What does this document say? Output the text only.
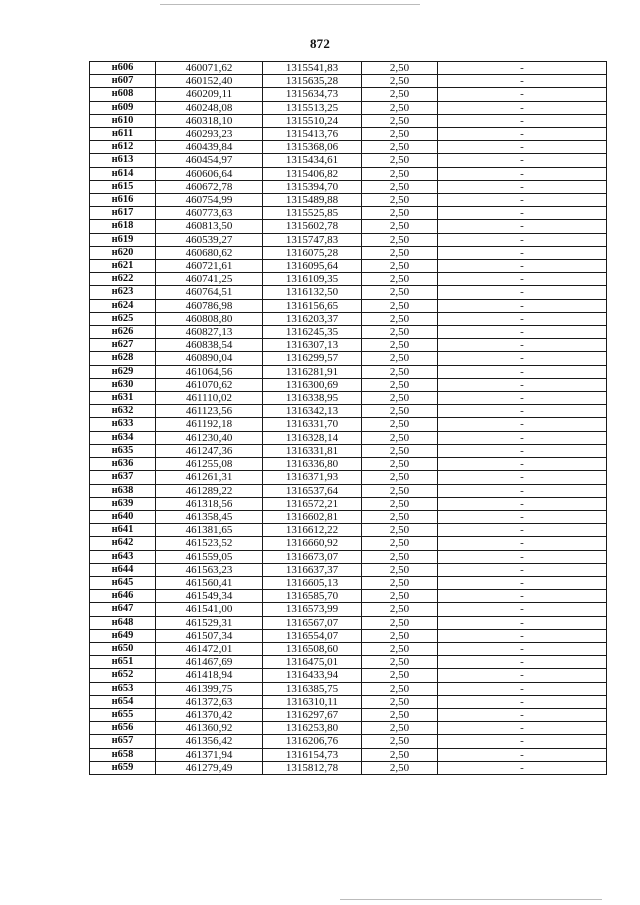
872
н606	460071,62	1315541,83	2,50	-
н607	460152,40	1315635,28	2,50	-
н608	460209,11	1315634,73	2,50	-
н609	460248,08	1315513,25	2,50	-
н610	460318,10	1315510,24	2,50	-
н611	460293,23	1315413,76	2,50	-
н612	460439,84	1315368,06	2,50	-
н613	460454,97	1315434,61	2,50	-
н614	460606,64	1315406,82	2,50	-
н615	460672,78	1315394,70	2,50	-
н616	460754,99	1315489,88	2,50	-
н617	460773,63	1315525,85	2,50	-
н618	460813,50	1315602,78	2,50	-
н619	460539,27	1315747,83	2,50	-
н620	460680,62	1316075,28	2,50	-
н621	460721,61	1316095,64	2,50	-
н622	460741,25	1316109,35	2,50	-
н623	460764,51	1316132,50	2,50	-
н624	460786,98	1316156,65	2,50	-
н625	460808,80	1316203,37	2,50	-
н626	460827,13	1316245,35	2,50	-
н627	460838,54	1316307,13	2,50	-
н628	460890,04	1316299,57	2,50	-
н629	461064,56	1316281,91	2,50	-
н630	461070,62	1316300,69	2,50	-
н631	461110,02	1316338,95	2,50	-
н632	461123,56	1316342,13	2,50	-
н633	461192,18	1316331,70	2,50	-
н634	461230,40	1316328,14	2,50	-
н635	461247,36	1316331,81	2,50	-
н636	461255,08	1316336,80	2,50	-
н637	461261,31	1316371,93	2,50	-
н638	461289,22	1316537,64	2,50	-
н639	461318,56	1316572,21	2,50	-
н640	461358,45	1316602,81	2,50	-
н641	461381,65	1316612,22	2,50	-
н642	461523,52	1316660,92	2,50	-
н643	461559,05	1316673,07	2,50	-
н644	461563,23	1316637,37	2,50	-
н645	461560,41	1316605,13	2,50	-
н646	461549,34	1316585,70	2,50	-
н647	461541,00	1316573,99	2,50	-
н648	461529,31	1316567,07	2,50	-
н649	461507,34	1316554,07	2,50	-
н650	461472,01	1316508,60	2,50	-
н651	461467,69	1316475,01	2,50	-
н652	461418,94	1316433,94	2,50	-
н653	461399,75	1316385,75	2,50	-
н654	461372,63	1316310,11	2,50	-
н655	461370,42	1316297,67	2,50	-
н656	461360,92	1316253,80	2,50	-
н657	461356,42	1316206,76	2,50	-
н658	461371,94	1316154,73	2,50	-
н659	461279,49	1315812,78	2,50	-
